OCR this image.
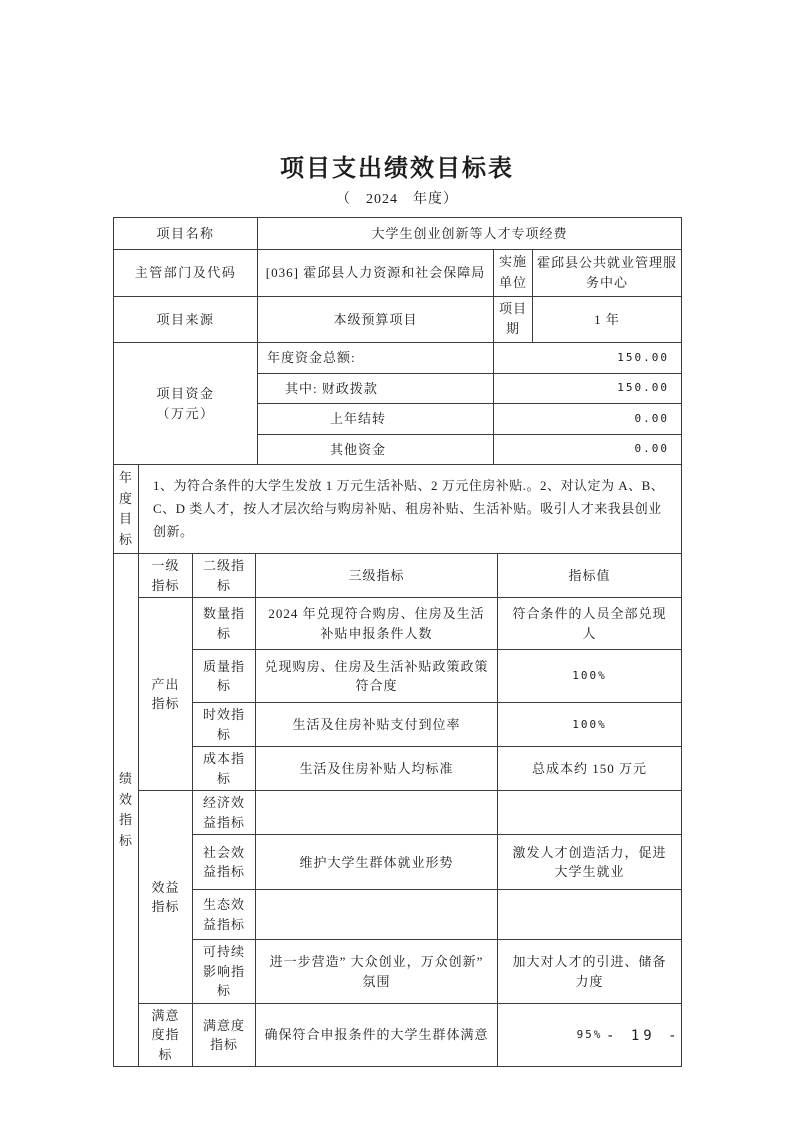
项目支出绩效目标表
（　2024　年度）
项目名称	大学生创业创新等人才专项经费		
主管部门及代码	[036] 霍邱县人力资源和社会保障局	实施单位	霍邱县公共就业管理服务中心
项目来源	本级预算项目	项目期	1 年
项目资金
（万元）	年度资金总额:	150.00	
	其中: 财政拨款	150.00	
	上年结转	0.00	
	其他资金	0.00	
年度目标	1、为符合条件的大学生发放 1 万元生活补贴、2 万元住房补贴.。2、对认定为 A、B、C、D 类人才，按人才层次给与购房补贴、租房补贴、生活补贴。吸引人才来我县创业创新。
绩效指标	一级指标	二级指标	三级指标	指标值
	产出指标	数量指标	2024 年兑现符合购房、住房及生活补贴申报条件人数	符合条件的人员全部兑现人
		质量指标	兑现购房、住房及生活补贴政策政策符合度	100%
		时效指标	生活及住房补贴支付到位率	100%
		成本指标	生活及住房补贴人均标准	总成本约 150 万元
	效益指标	经济效益指标		
		社会效益指标	维护大学生群体就业形势	激发人才创造活力，促进大学生就业
		生态效益指标		
		可持续影响指标	进一步营造” 大众创业，万众创新” 氛围	加大对人才的引进、储备力度
	满意度指标	满意度指标	确保符合申报条件的大学生群体满意	95% - 19 -
